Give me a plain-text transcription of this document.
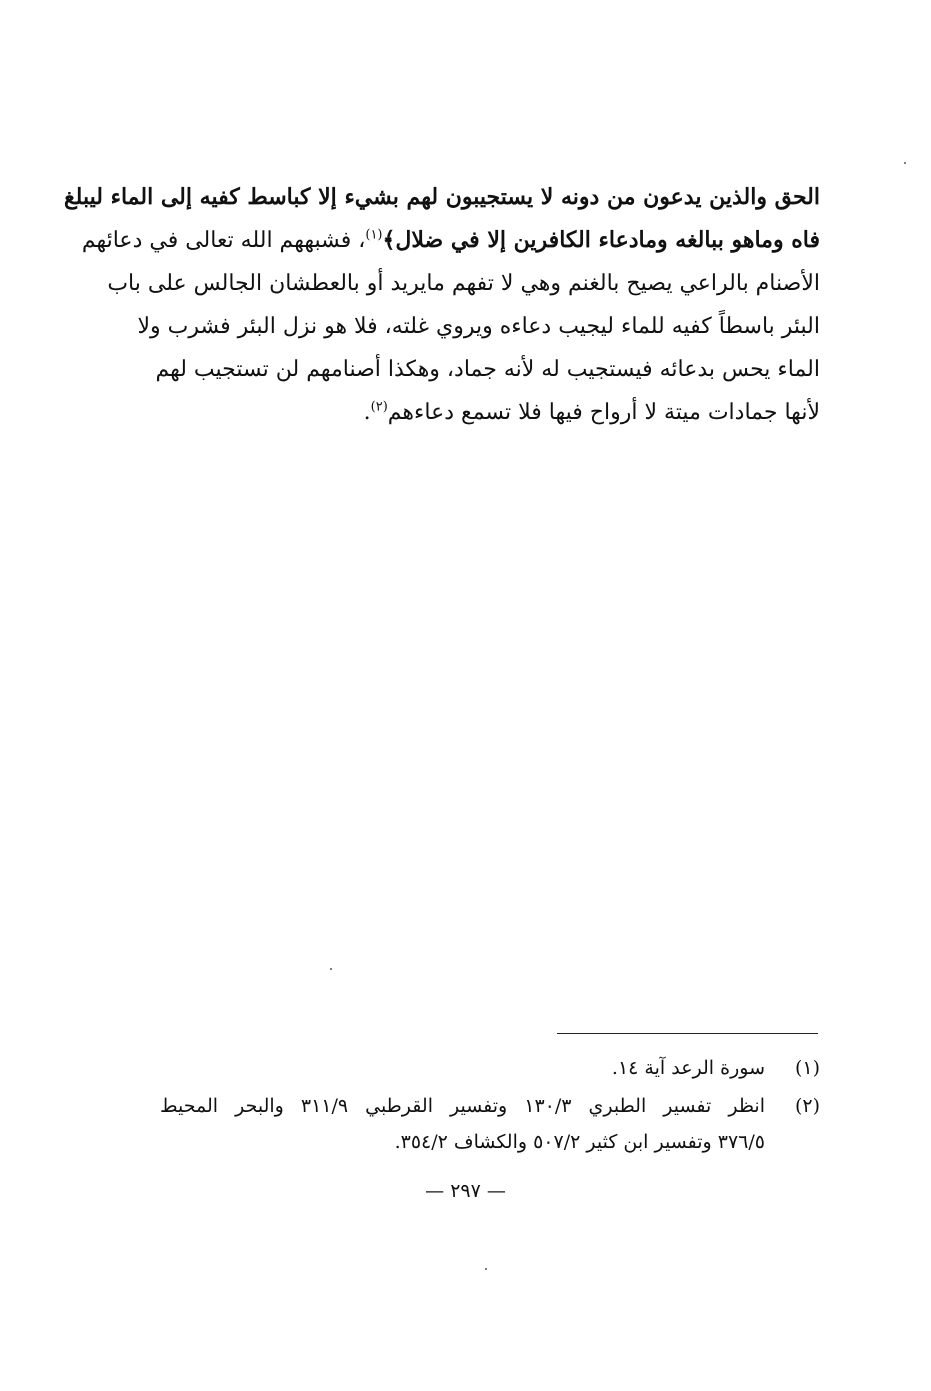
الحق والذين يدعون من دونه لا يستجيبون لهم بشيء إلا كباسط كفيه إلى الماء ليبلغ
فاه وماهو ببالغه ومادعاء الكافرين إلا في ضلال﴾$^{(١)}$، فشبههم الله تعالى في دعائهم
الأصنام بالراعي يصيح بالغنم وهي لا تفهم مايريد أو بالعطشان الجالس على باب
البئر باسطاً كفيه للماء ليجيب دعاءه ويروي غلته، فلا هو نزل البئر فشرب ولا
الماء يحس بدعائه فيستجيب له لأنه جماد، وهكذا أصنامهم لن تستجيب لهم
لأنها جمادات ميتة لا أرواح فيها فلا تسمع دعاءهم$^{(٢)}$.
(١)
سورة الرعد آية ١٤.
(٢)
انظر تفسير الطبري ١٣٠/٣ وتفسير القرطبي ٣١١/٩ والبحر المحيط
٣٧٦/٥ وتفسير ابن كثير ٥٠٧/٢ والكشاف ٣٥٤/٢.
— ٢٩٧ —
